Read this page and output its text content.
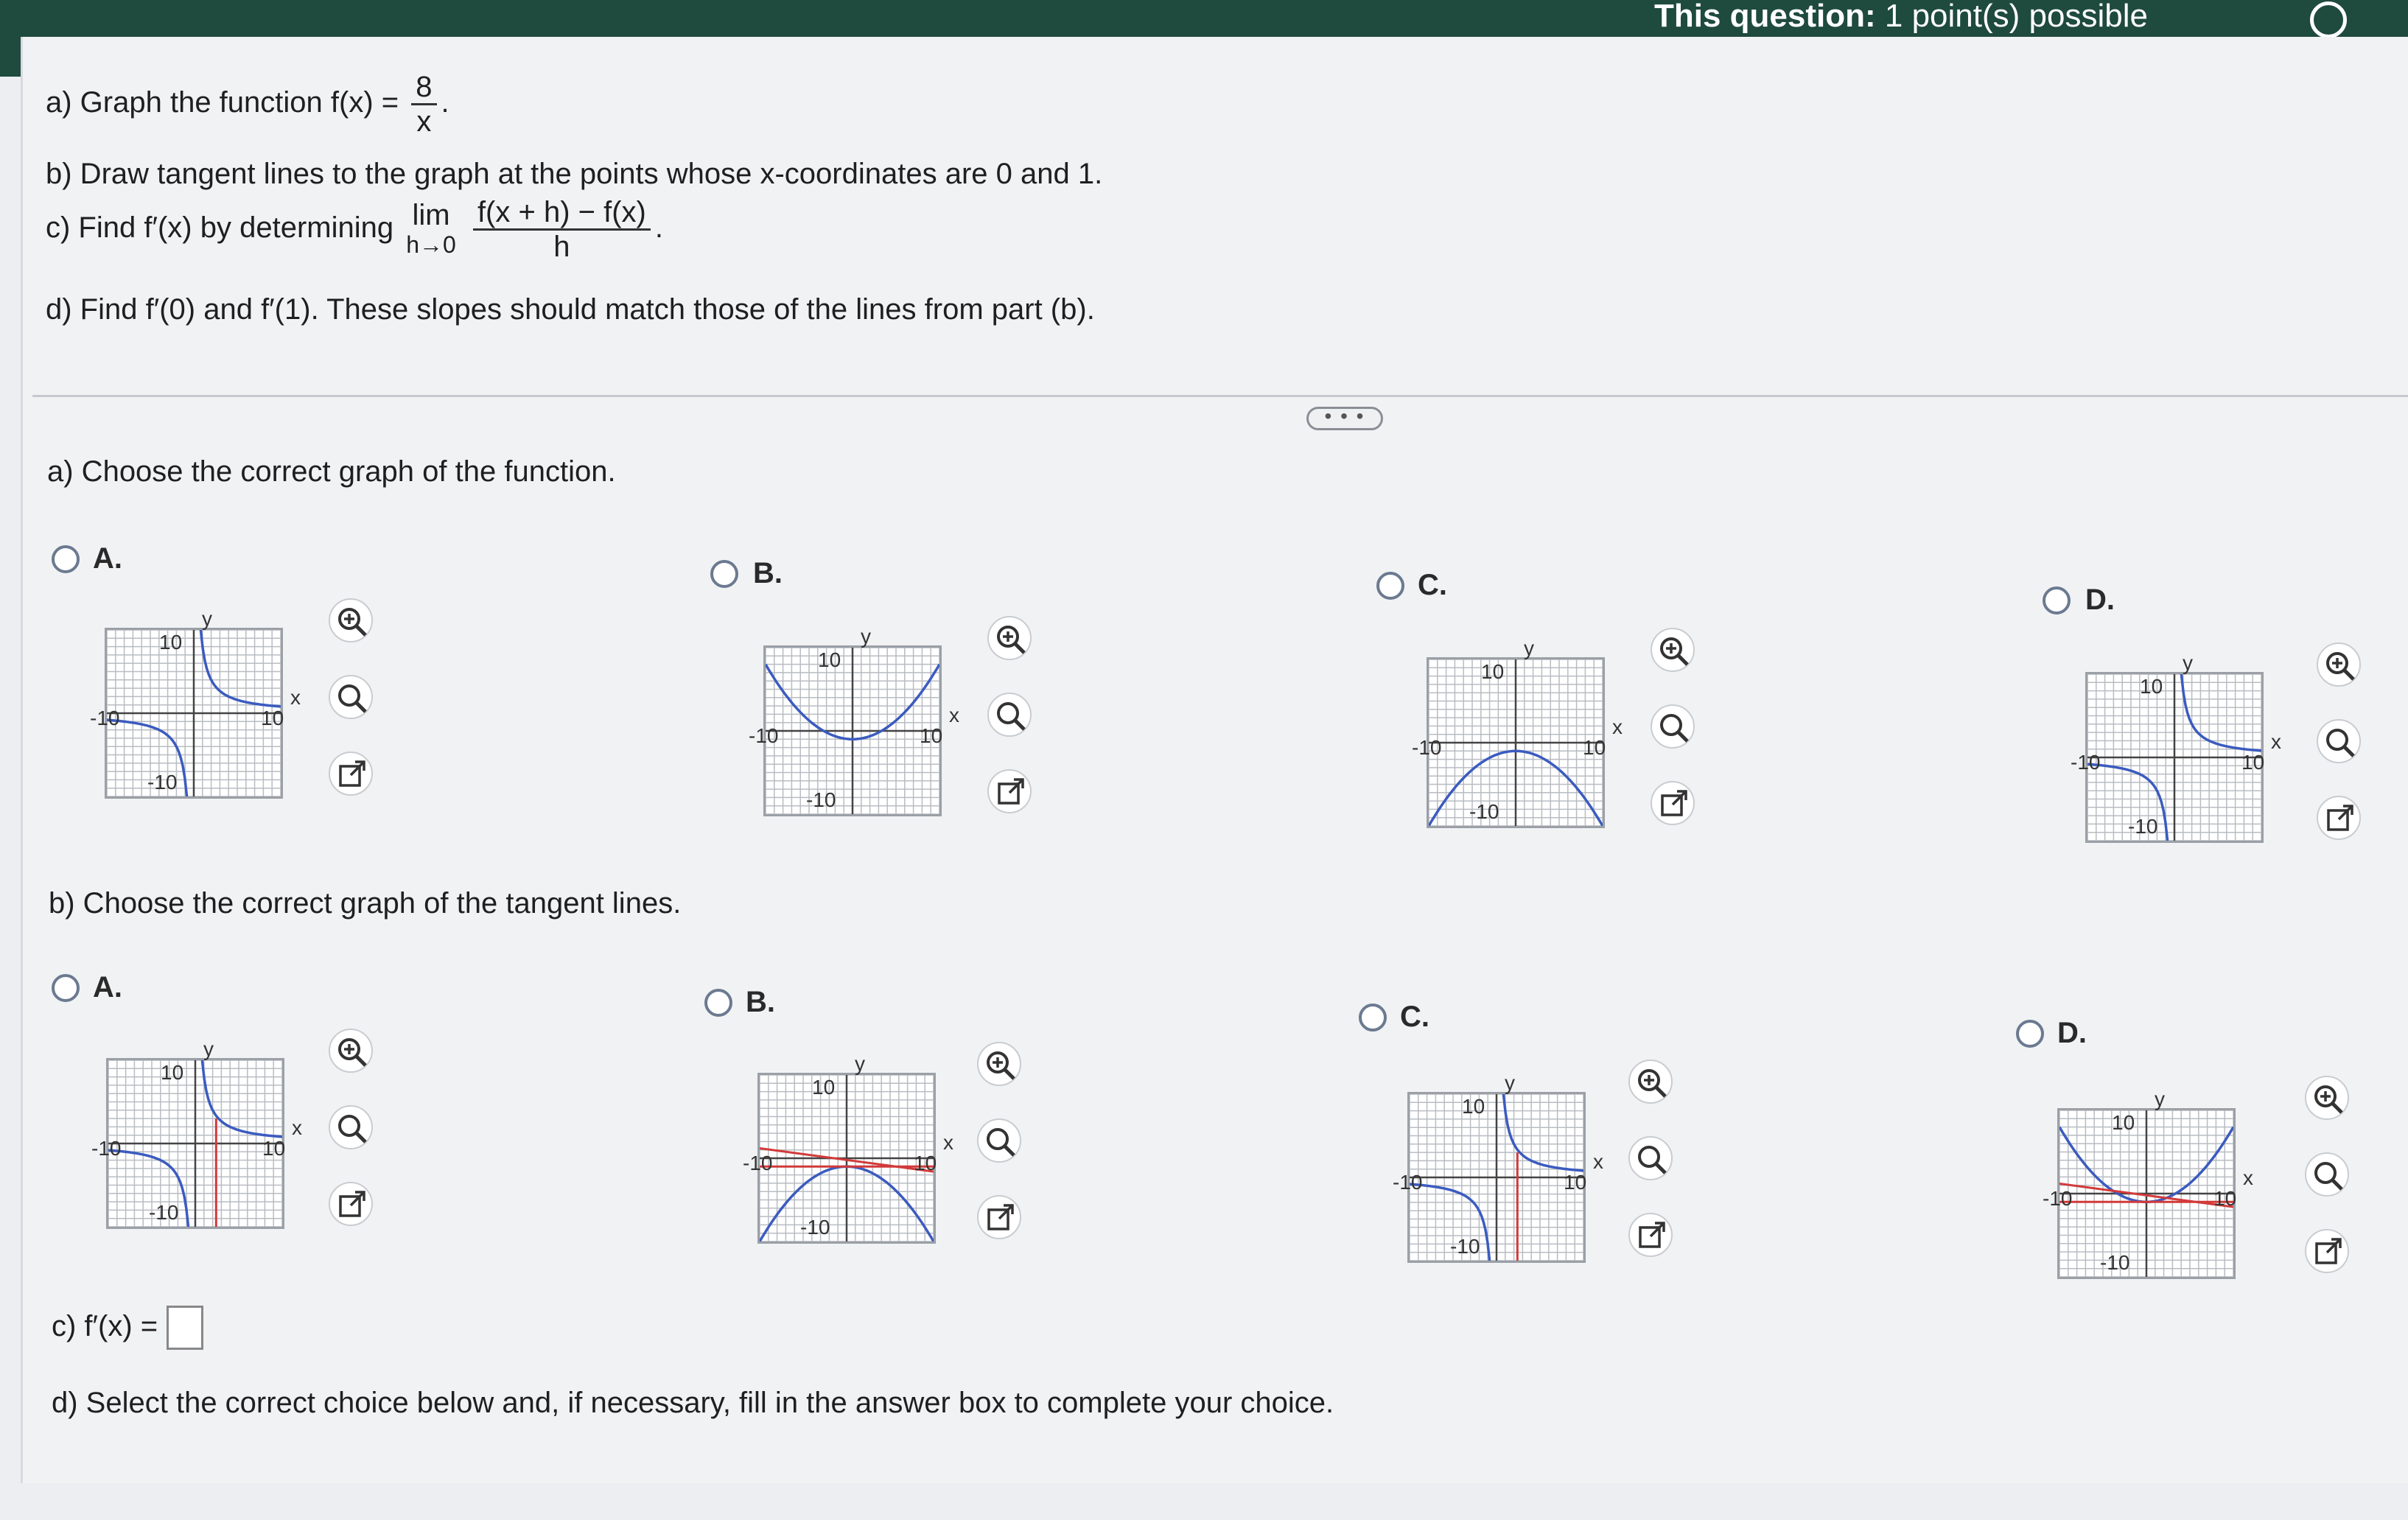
This question: 1 point(s) possible
a) Graph the function $f(x) = \frac{8}{x}$ .
b) Draw tangent lines to the graph at the points whose x-coordinates are 0 and 1.
c) Find f′(x) by determining lim
h→0
$\frac{f(x + h) - f(x)}{h}$ .
d) Find f′(0) and f′(1). These slopes should match those of the lines from part (b).
• • •
a) Choose the correct graph of the function.
b) Choose the correct graph of the tangent lines.
A.
y
x
10
-10	10
-10
B.
y
x
10
-10	10
-10
C.
y
x
10
-10	10
-10
D.
y
x
10
-10	10
-10
A.
y
x
10
-10	10
-10
B.
y
x
10
-10	10
-10
C.
y
x
10
-10	10
-10
D.
y
x
10
-10	10
-10
c) f′(x) =
d) Select the correct choice below and, if necessary, fill in the answer box to complete your choice.
